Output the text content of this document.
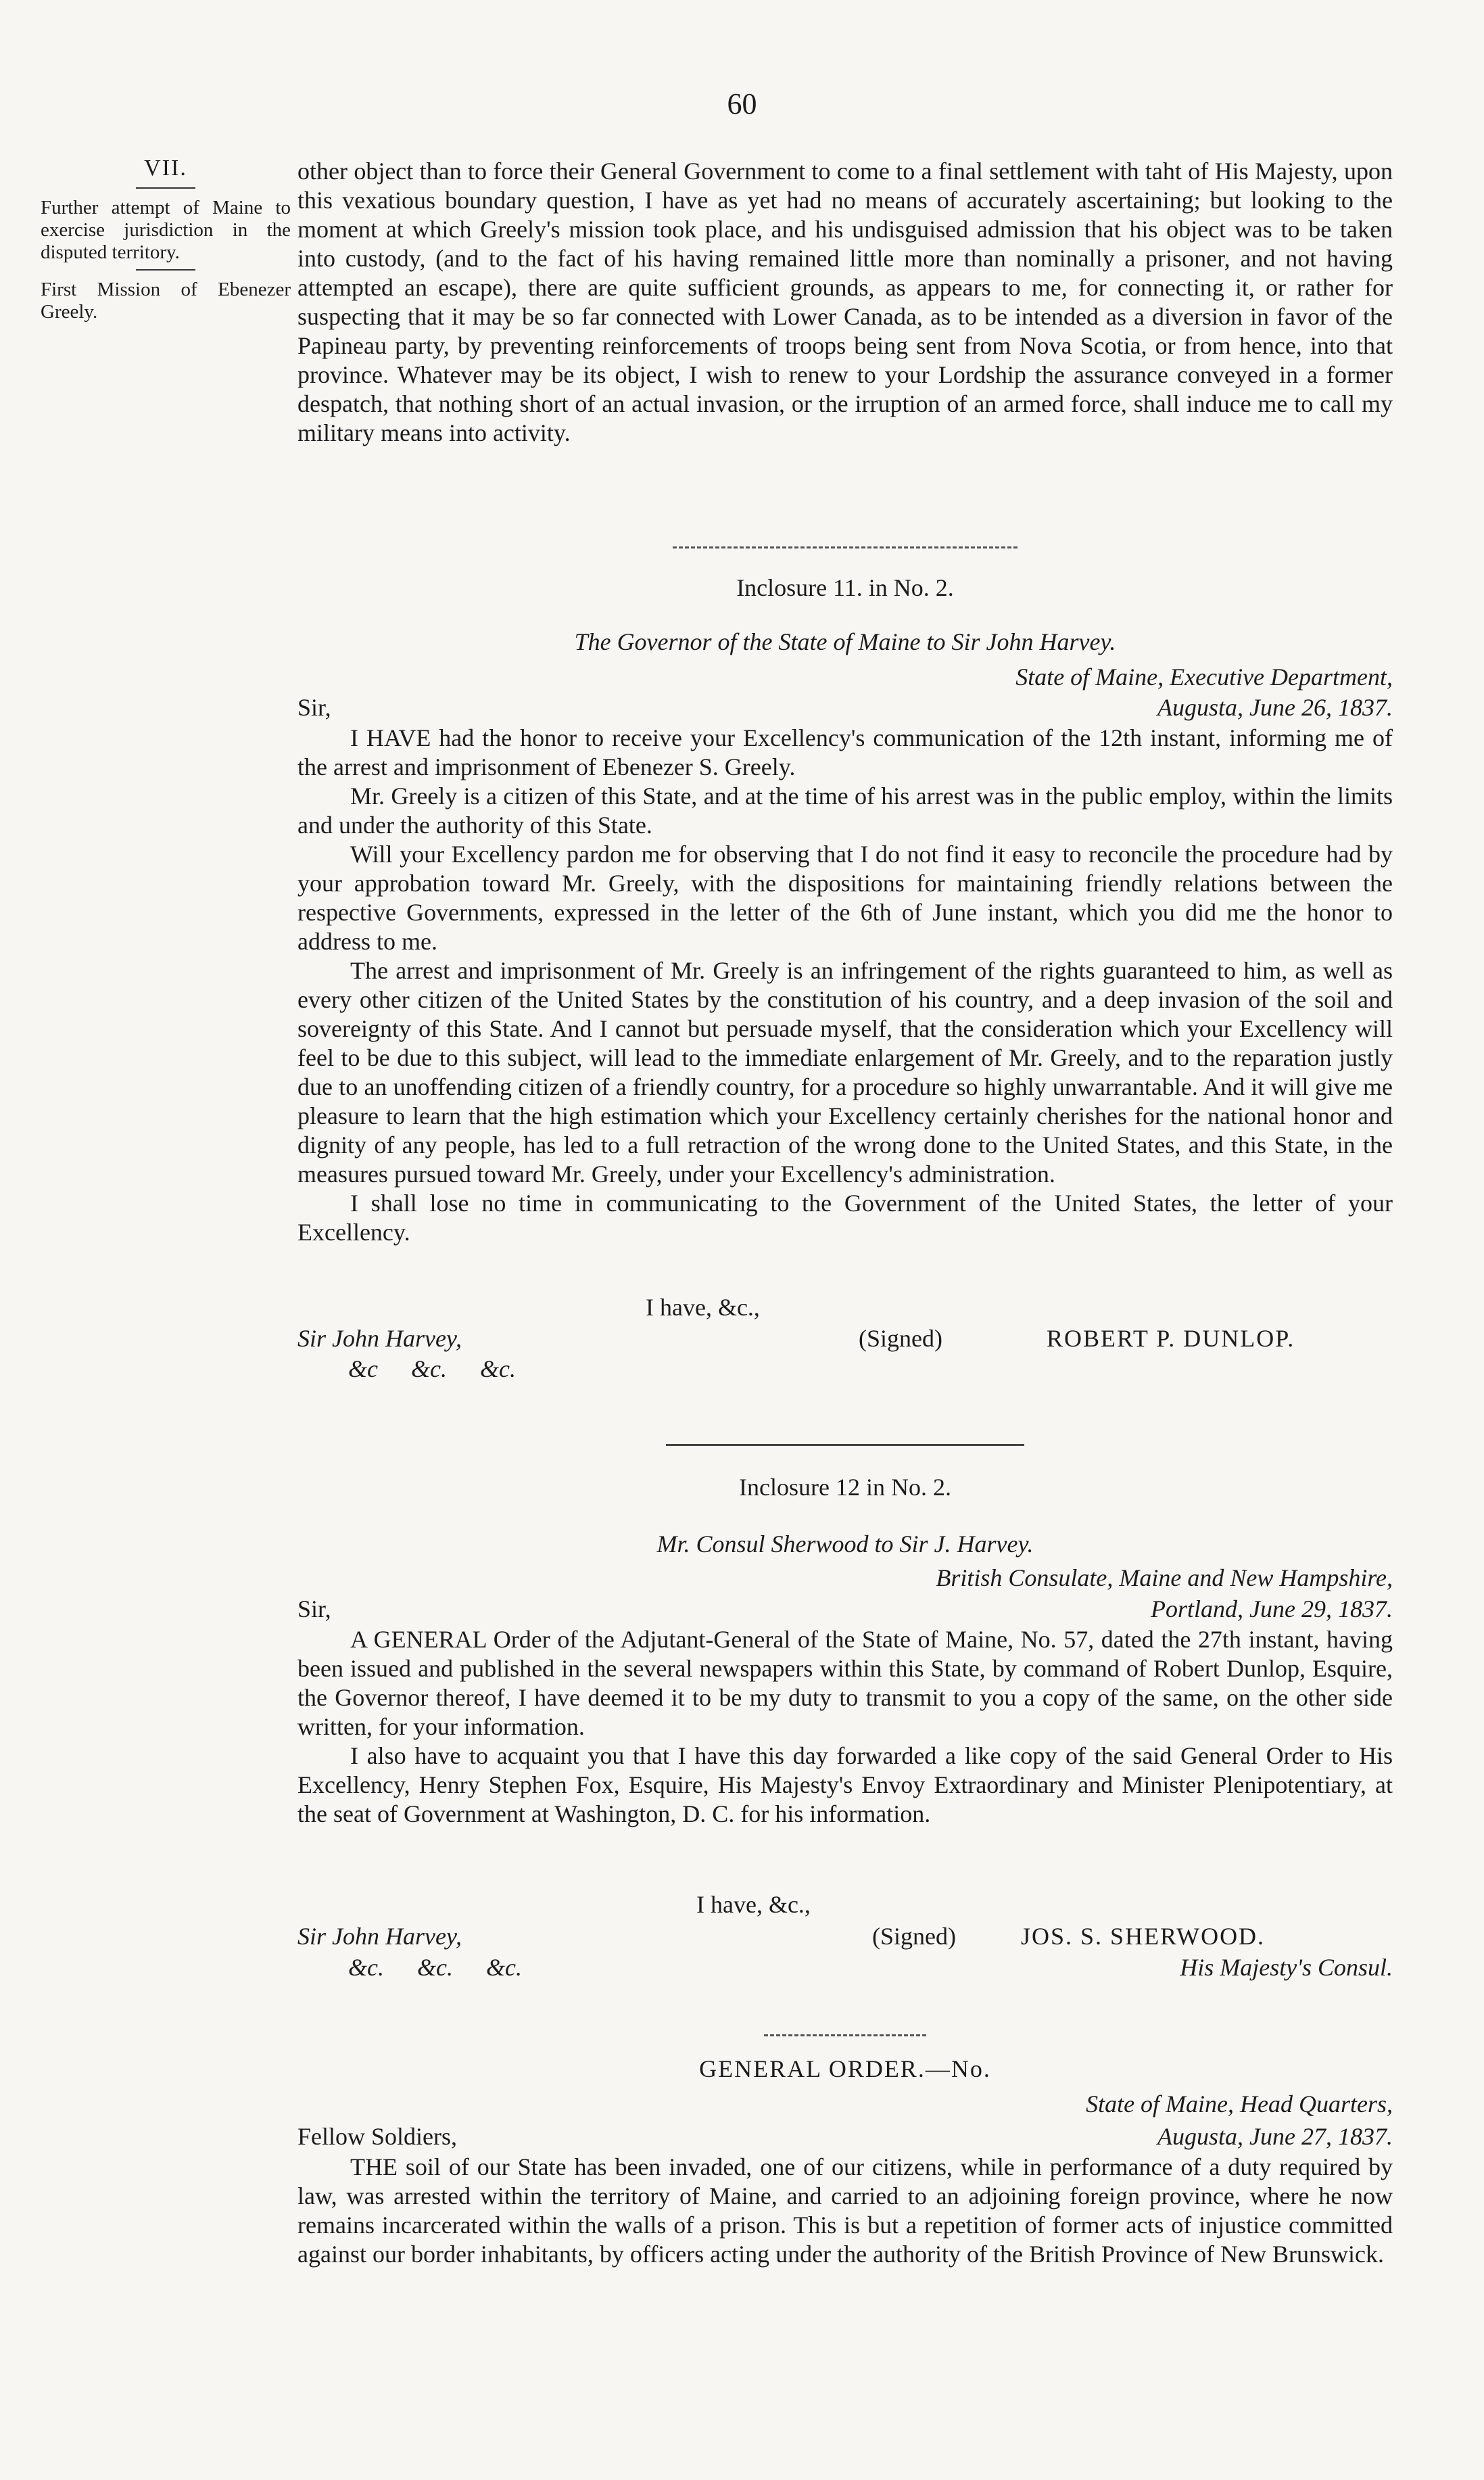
60
VII.
Further attempt of Maine to exercise jurisdiction in the disputed territory.
First Mission of Ebenezer Greely.

other object than to force their General Government to come to a final settlement with taht of His Majesty, upon this vexatious boundary question, I have as yet had no means of accurately ascertaining; but looking to the moment at which Greely's mission took place, and his undisguised admission that his object was to be taken into custody, (and to the fact of his having remained little more than nominally a prisoner, and not having attempted an escape), there are quite sufficient grounds, as appears to me, for connecting it, or rather for suspecting that it may be so far connected with Lower Canada, as to be intended as a diversion in favor of the Papineau party, by preventing reinforcements of troops being sent from Nova Scotia, or from hence, into that province. Whatever may be its object, I wish to renew to your Lordship the assurance conveyed in a former despatch, that nothing short of an actual invasion, or the irruption of an armed force, shall induce me to call my military means into activity.

Inclosure 11. in No. 2.
The Governor of the State of Maine to Sir John Harvey.
State of Maine, Executive Department,
Sir,	Augusta, June 26, 1837.

I HAVE had the honor to receive your Excellency's communication of the 12th instant, informing me of the arrest and imprisonment of Ebenezer S. Greely.

Mr. Greely is a citizen of this State, and at the time of his arrest was in the public employ, within the limits and under the authority of this State.

Will your Excellency pardon me for observing that I do not find it easy to reconcile the procedure had by your approbation toward Mr. Greely, with the dispositions for maintaining friendly relations between the respective Governments, expressed in the letter of the 6th of June instant, which you did me the honor to address to me.

The arrest and imprisonment of Mr. Greely is an infringement of the rights guaranteed to him, as well as every other citizen of the United States by the constitution of his country, and a deep invasion of the soil and sovereignty of this State. And I cannot but persuade myself, that the consideration which your Excellency will feel to be due to this subject, will lead to the immediate enlargement of Mr. Greely, and to the reparation justly due to an unoffending citizen of a friendly country, for a procedure so highly unwarrantable. And it will give me pleasure to learn that the high estimation which your Excellency certainly cherishes for the national honor and dignity of any people, has led to a full retraction of the wrong done to the United States, and this State, in the measures pursued toward Mr. Greely, under your Excellency's administration.

I shall lose no time in communicating to the Government of the United States, the letter of your Excellency.

I have, &c.,
Sir John Harvey,	(Signed)	ROBERT P. DUNLOP.
&c &c. &c.
Inclosure 12 in No. 2.
Mr. Consul Sherwood to Sir J. Harvey.
British Consulate, Maine and New Hampshire,
Sir,	Portland, June 29, 1837.

A GENERAL Order of the Adjutant-General of the State of Maine, No. 57, dated the 27th instant, having been issued and published in the several newspapers within this State, by command of Robert Dunlop, Esquire, the Governor thereof, I have deemed it to be my duty to transmit to you a copy of the same, on the other side written, for your information.

I also have to acquaint you that I have this day forwarded a like copy of the said General Order to His Excellency, Henry Stephen Fox, Esquire, His Majesty's Envoy Extraordinary and Minister Plenipotentiary, at the seat of Government at Washington, D. C. for his information.

I have, &c.,
Sir John Harvey,	(Signed)	JOS. S. SHERWOOD.
&c. &c. &c.	His Majesty's Consul.
GENERAL ORDER.—No.
State of Maine, Head Quarters,
Fellow Soldiers,	Augusta, June 27, 1837.

THE soil of our State has been invaded, one of our citizens, while in performance of a duty required by law, was arrested within the territory of Maine, and carried to an adjoining foreign province, where he now remains incarcerated within the walls of a prison. This is but a repetition of former acts of injustice committed against our border inhabitants, by officers acting under the authority of the British Province of New Brunswick.
